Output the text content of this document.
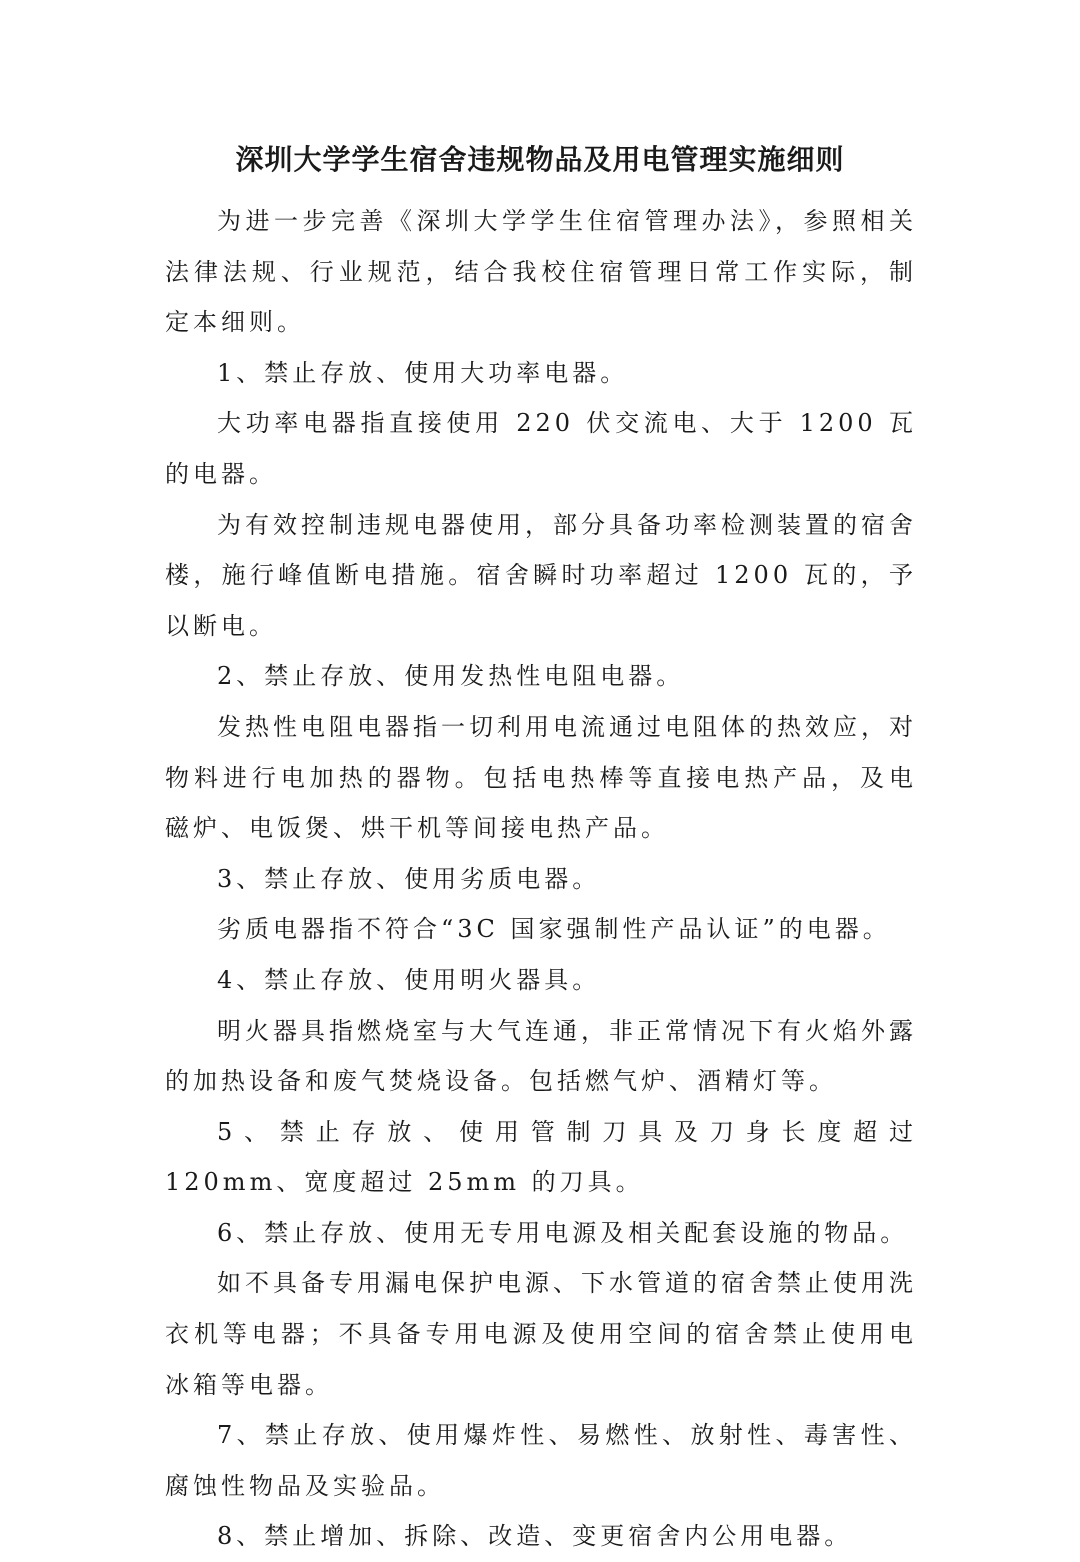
深圳大学学生宿舍违规物品及用电管理实施细则

为进一步完善《深圳大学学生住宿管理办法》，参照相关法律法规、行业规范，结合我校住宿管理日常工作实际，制定本细则。

1、禁止存放、使用大功率电器。

大功率电器指直接使用 220 伏交流电、大于 1200 瓦的电器。

为有效控制违规电器使用，部分具备功率检测装置的宿舍楼，施行峰值断电措施。宿舍瞬时功率超过 1200 瓦的，予以断电。

2、禁止存放、使用发热性电阻电器。

发热性电阻电器指一切利用电流通过电阻体的热效应，对物料进行电加热的器物。包括电热棒等直接电热产品，及电磁炉、电饭煲、烘干机等间接电热产品。

3、禁止存放、使用劣质电器。

劣质电器指不符合“3C 国家强制性产品认证”的电器。

4、禁止存放、使用明火器具。

明火器具指燃烧室与大气连通，非正常情况下有火焰外露的加热设备和废气焚烧设备。包括燃气炉、酒精灯等。

5、禁止存放、使用管制刀具及刀身长度超过 120mm、宽度超过 25mm 的刀具。

6、禁止存放、使用无专用电源及相关配套设施的物品。

如不具备专用漏电保护电源、下水管道的宿舍禁止使用洗衣机等电器；不具备专用电源及使用空间的宿舍禁止使用电冰箱等电器。

7、禁止存放、使用爆炸性、易燃性、放射性、毒害性、腐蚀性物品及实验品。

8、禁止增加、拆除、改造、变更宿舍内公用电器。
